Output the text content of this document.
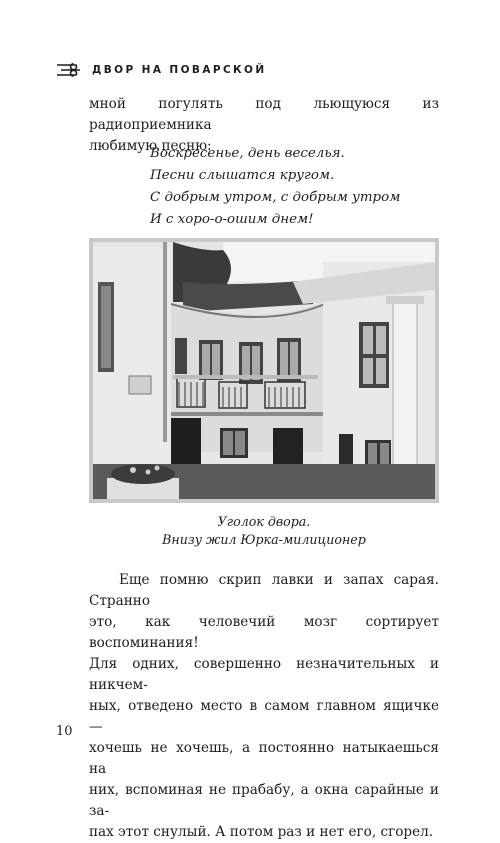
ДВОР НА ПОВАРСКОЙ

мной погулять под льющуюся из радиоприемника
любимую песню:

Воскресенье, день веселья.
Песни слышатся кругом.
С добрым утром, с добрым утром
И с хоро-о-ошим днем!
Уголок двора.
Внизу жил Юрка-милиционер

Еще помню скрип лавки и запах сарая. Странно
это, как человечий мозг сортирует воспоминания!
Для одних, совершенно незначительных и никчем-
ных, отведено место в самом главном ящичке —
хочешь не хочешь, а постоянно натыкаешься на
них, вспоминая не прабабу, а окна сарайные и за-
пах этот снулый. А потом раз и нет его, сгорел.

10
